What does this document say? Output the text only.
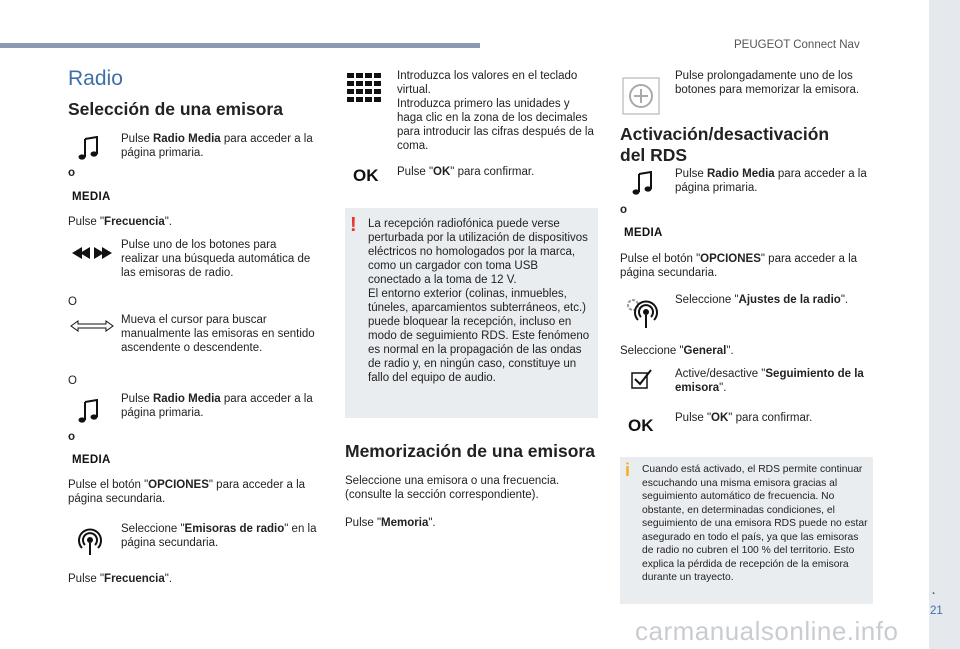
PEUGEOT Connect Nav
.
21
Radio
Selección de una emisora
Pulse Radio Media para acceder a la página primaria.
o
MEDIA
Pulse "Frecuencia".
Pulse uno de los botones para realizar una búsqueda automática de las emisoras de radio.
O
Mueva el cursor para buscar manualmente las emisoras en sentido ascendente o descendente.
O
Pulse Radio Media para acceder a la página primaria.
o
MEDIA
Pulse el botón "OPCIONES" para acceder a la página secundaria.
Seleccione "Emisoras de radio" en la página secundaria.
Pulse "Frecuencia".
Introduzca los valores en el teclado virtual.
Introduzca primero las unidades y haga clic en la zona de los decimales para introducir las cifras después de la coma.
OK Pulse "OK" para confirmar.
! La recepción radiofónica puede verse perturbada por la utilización de dispositivos eléctricos no homologados por la marca, como un cargador con toma USB conectado a la toma de 12 V.
El entorno exterior (colinas, inmuebles, túneles, aparcamientos subterráneos, etc.) puede bloquear la recepción, incluso en modo de seguimiento RDS. Este fenómeno es normal en la propagación de las ondas de radio y, en ningún caso, constituye un fallo del equipo de audio.
Memorización de una emisora
Seleccione una emisora o una frecuencia. (consulte la sección correspondiente).
Pulse "Memoria".
Pulse prolongadamente uno de los botones para memorizar la emisora.
Activación/desactivación
del RDS
Pulse Radio Media para acceder a la página primaria.
o
MEDIA
Pulse el botón "OPCIONES" para acceder a la página secundaria.
Seleccione "Ajustes de la radio".
Seleccione "General".
Active/desactive "Seguimiento de la emisora".
OK Pulse "OK" para confirmar.
i Cuando está activado, el RDS permite continuar escuchando una misma emisora gracias al seguimiento automático de frecuencia. No obstante, en determinadas condiciones, el seguimiento de una emisora RDS puede no estar asegurado en todo el país, ya que las emisoras de radio no cubren el 100 % del territorio. Esto explica la pérdida de recepción de la emisora durante un trayecto.
carmanualsonline.info
